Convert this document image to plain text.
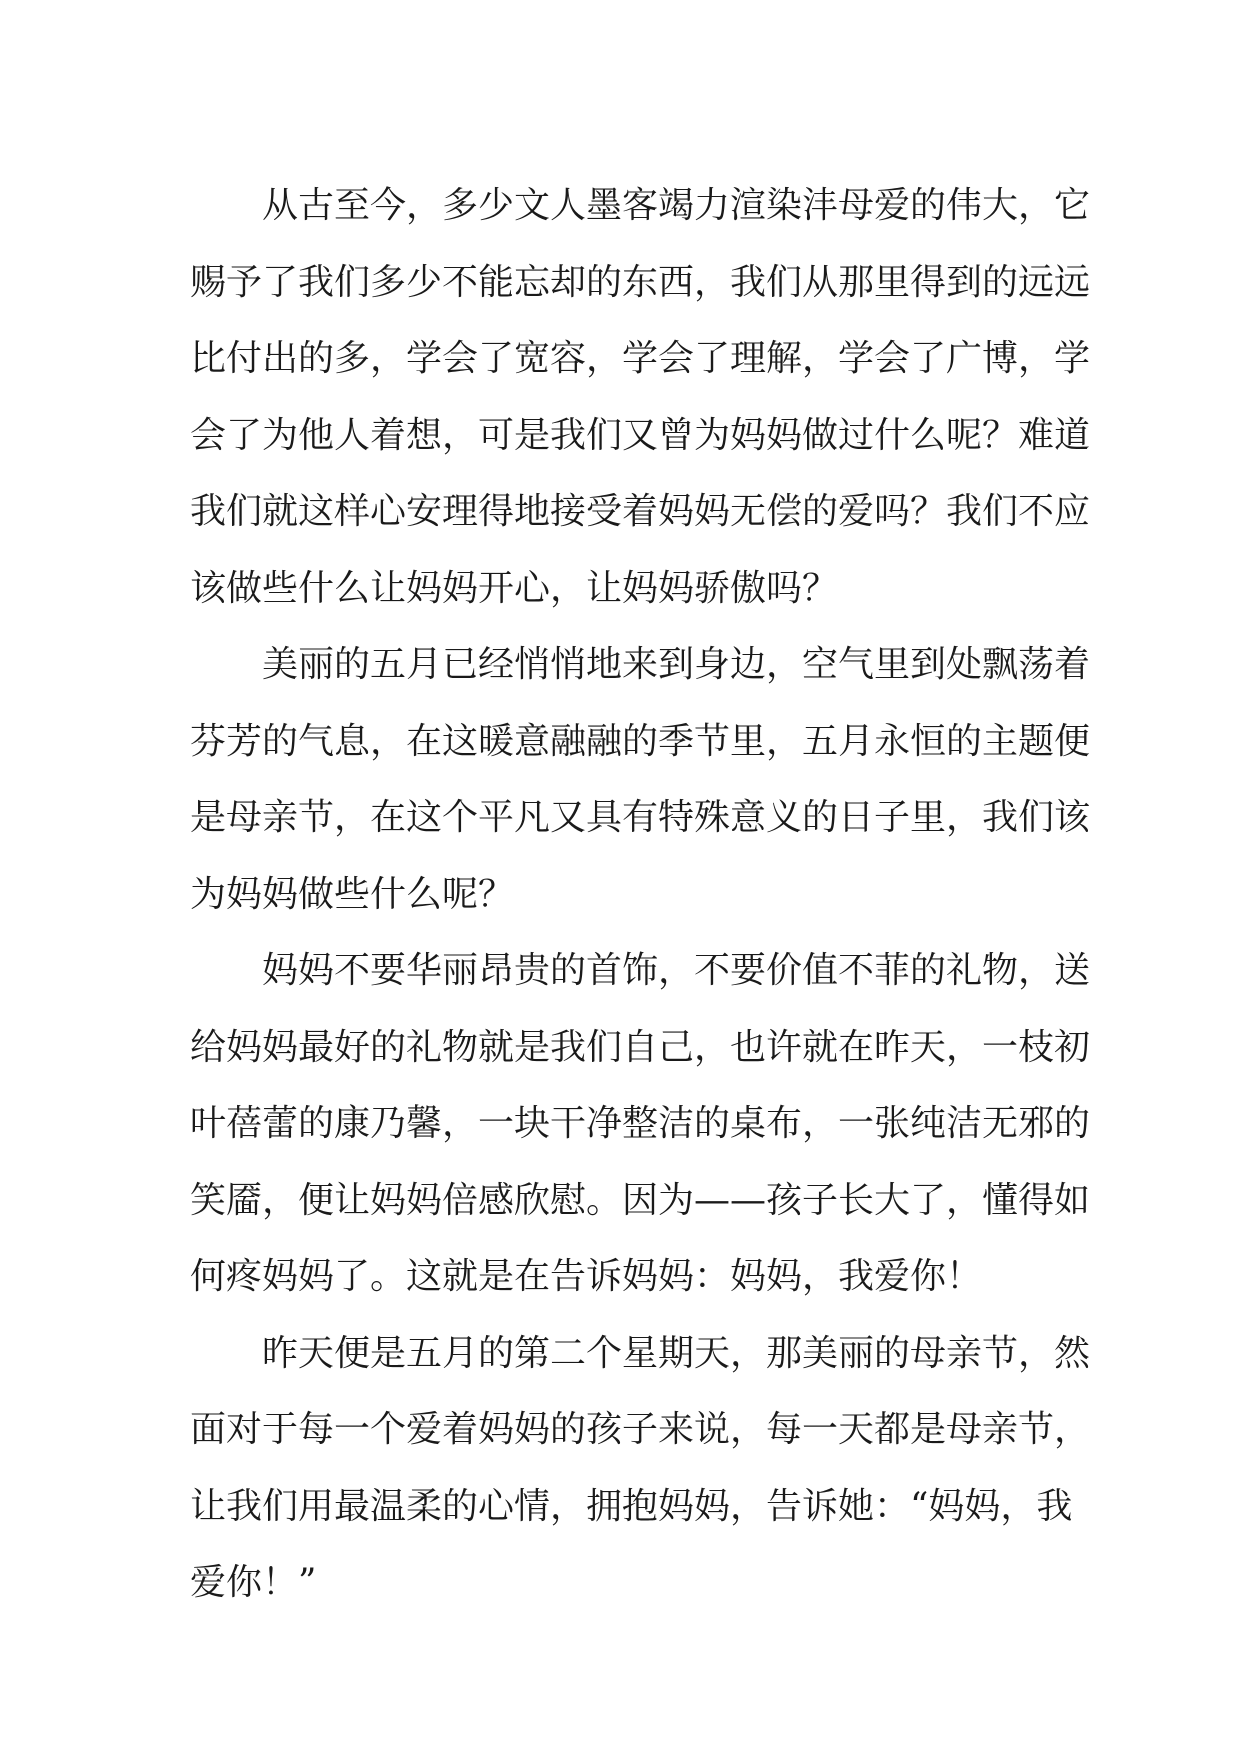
　　从古至今，多少文人墨客竭力渲染沣母爱的伟大，它
赐予了我们多少不能忘却的东西，我们从那里得到的远远
比付出的多，学会了宽容，学会了理解，学会了广博，学
会了为他人着想，可是我们又曾为妈妈做过什么呢？难道
我们就这样心安理得地接受着妈妈无偿的爱吗？我们不应
该做些什么让妈妈开心，让妈妈骄傲吗？
　　美丽的五月已经悄悄地来到身边，空气里到处飘荡着
芬芳的气息，在这暖意融融的季节里，五月永恒的主题便
是母亲节，在这个平凡又具有特殊意义的日子里，我们该
为妈妈做些什么呢？
　　妈妈不要华丽昂贵的首饰，不要价值不菲的礼物，送
给妈妈最好的礼物就是我们自己，也许就在昨天，一枝初
叶蓓蕾的康乃馨，一块干净整洁的桌布，一张纯洁无邪的
笑靥，便让妈妈倍感欣慰。因为——孩子长大了，懂得如
何疼妈妈了。这就是在告诉妈妈：妈妈，我爱你！
　　昨天便是五月的第二个星期天，那美丽的母亲节，然
面对于每一个爱着妈妈的孩子来说，每一天都是母亲节，
让我们用最温柔的心情，拥抱妈妈，告诉她：“妈妈，我
爱你！”
